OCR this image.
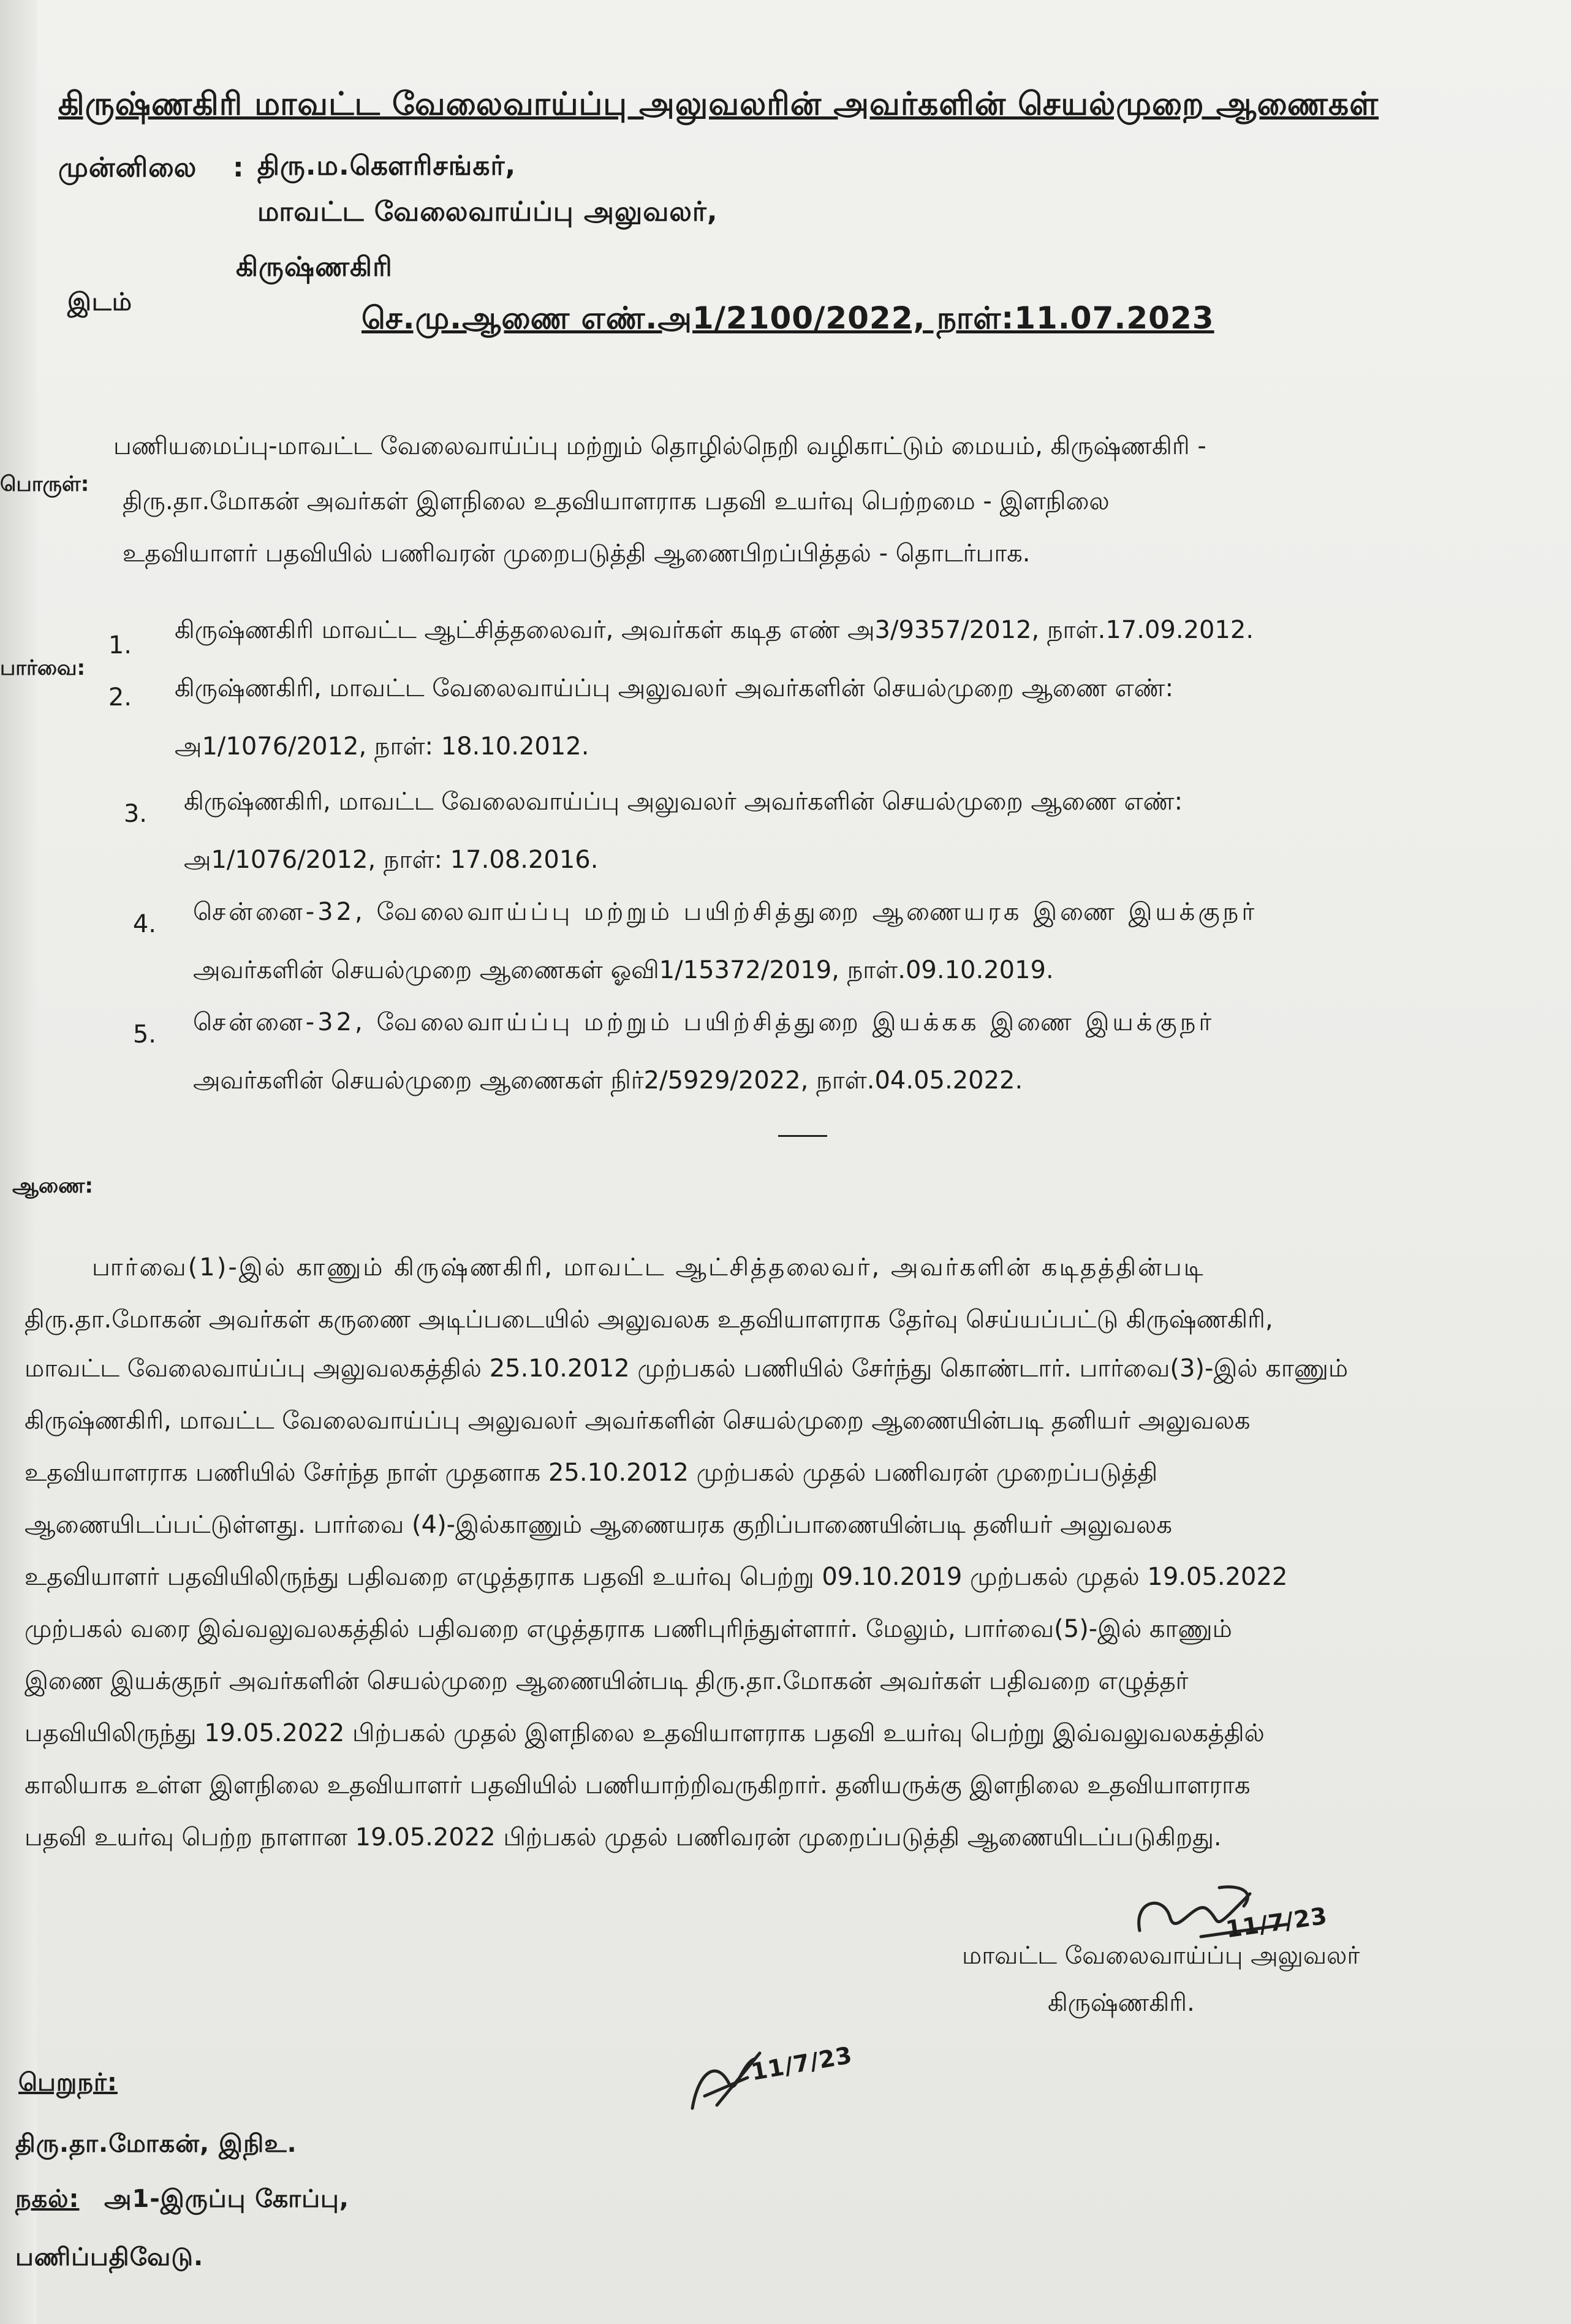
கிருஷ்ணகிரி மாவட்ட வேலைவாய்ப்பு அலுவலரின் அவர்களின் செயல்முறை ஆணைகள்
முன்னிலை : திரு.ம.கௌரிசங்கர்,
மாவட்ட வேலைவாய்ப்பு அலுவலர்,
இடம்
கிருஷ்ணகிரி
செ.மு.ஆணை எண்.அ1/2100/2022, நாள்:11.07.2023
பொருள்:
பணியமைப்பு-மாவட்ட வேலைவாய்ப்பு மற்றும் தொழில்நெறி வழிகாட்டும் மையம், கிருஷ்ணகிரி -
திரு.தா.மோகன் அவர்கள் இளநிலை உதவியாளராக பதவி உயர்வு பெற்றமை - இளநிலை
உதவியாளர் பதவியில் பணிவரன் முறைபடுத்தி ஆணைபிறப்பித்தல் - தொடர்பாக.
பார்வை:
1.
கிருஷ்ணகிரி மாவட்ட ஆட்சித்தலைவர், அவர்கள் கடித எண் அ3/9357/2012, நாள்.17.09.2012.
2. கிருஷ்ணகிரி, மாவட்ட வேலைவாய்ப்பு அலுவலர் அவர்களின் செயல்முறை ஆணை எண்:
அ1/1076/2012, நாள்: 18.10.2012.
3. கிருஷ்ணகிரி, மாவட்ட வேலைவாய்ப்பு அலுவலர் அவர்களின் செயல்முறை ஆணை எண்:
அ1/1076/2012, நாள்: 17.08.2016.
4. சென்னை-32, வேலைவாய்ப்பு மற்றும் பயிற்சித்துறை ஆணையரக இணை இயக்குநர்
அவர்களின் செயல்முறை ஆணைகள் ஓவி1/15372/2019, நாள்.09.10.2019.
5. சென்னை-32, வேலைவாய்ப்பு மற்றும் பயிற்சித்துறை இயக்கக இணை இயக்குநர்
அவர்களின் செயல்முறை ஆணைகள் நிர்2/5929/2022, நாள்.04.05.2022.
ஆணை:
பார்வை(1)-இல் காணும் கிருஷ்ணகிரி, மாவட்ட ஆட்சித்தலைவர், அவர்களின் கடிதத்தின்படி
திரு.தா.மோகன் அவர்கள் கருணை அடிப்படையில் அலுவலக உதவியாளராக தேர்வு செய்யப்பட்டு கிருஷ்ணகிரி,
மாவட்ட வேலைவாய்ப்பு அலுவலகத்தில் 25.10.2012 முற்பகல் பணியில் சேர்ந்து கொண்டார். பார்வை(3)-இல் காணும்
கிருஷ்ணகிரி, மாவட்ட வேலைவாய்ப்பு அலுவலர் அவர்களின் செயல்முறை ஆணையின்படி தனியர் அலுவலக
உதவியாளராக பணியில் சேர்ந்த நாள் முதனாக 25.10.2012 முற்பகல் முதல் பணிவரன் முறைப்படுத்தி
ஆணையிடப்பட்டுள்ளது. பார்வை (4)-இல்காணும் ஆணையரக குறிப்பாணையின்படி தனியர் அலுவலக
உதவியாளர் பதவியிலிருந்து பதிவறை எழுத்தராக பதவி உயர்வு பெற்று 09.10.2019 முற்பகல் முதல் 19.05.2022
முற்பகல் வரை இவ்வலுவலகத்தில் பதிவறை எழுத்தராக பணிபுரிந்துள்ளார். மேலும், பார்வை(5)-இல் காணும்
இணை இயக்குநர் அவர்களின் செயல்முறை ஆணையின்படி திரு.தா.மோகன் அவர்கள் பதிவறை எழுத்தர்
பதவியிலிருந்து 19.05.2022 பிற்பகல் முதல் இளநிலை உதவியாளராக பதவி உயர்வு பெற்று இவ்வலுவலகத்தில்
காலியாக உள்ள இளநிலை உதவியாளர் பதவியில் பணியாற்றிவருகிறார். தனியருக்கு இளநிலை உதவியாளராக
பதவி உயர்வு பெற்ற நாளான 19.05.2022 பிற்பகல் முதல் பணிவரன் முறைப்படுத்தி ஆணையிடப்படுகிறது.
11/7/23
மாவட்ட வேலைவாய்ப்பு அலுவலர்
கிருஷ்ணகிரி.
11/7/23
பெறுநர்:
திரு.தா.மோகன், இநிஉ.
நகல்: அ1-இருப்பு கோப்பு,
பணிப்பதிவேடு.
